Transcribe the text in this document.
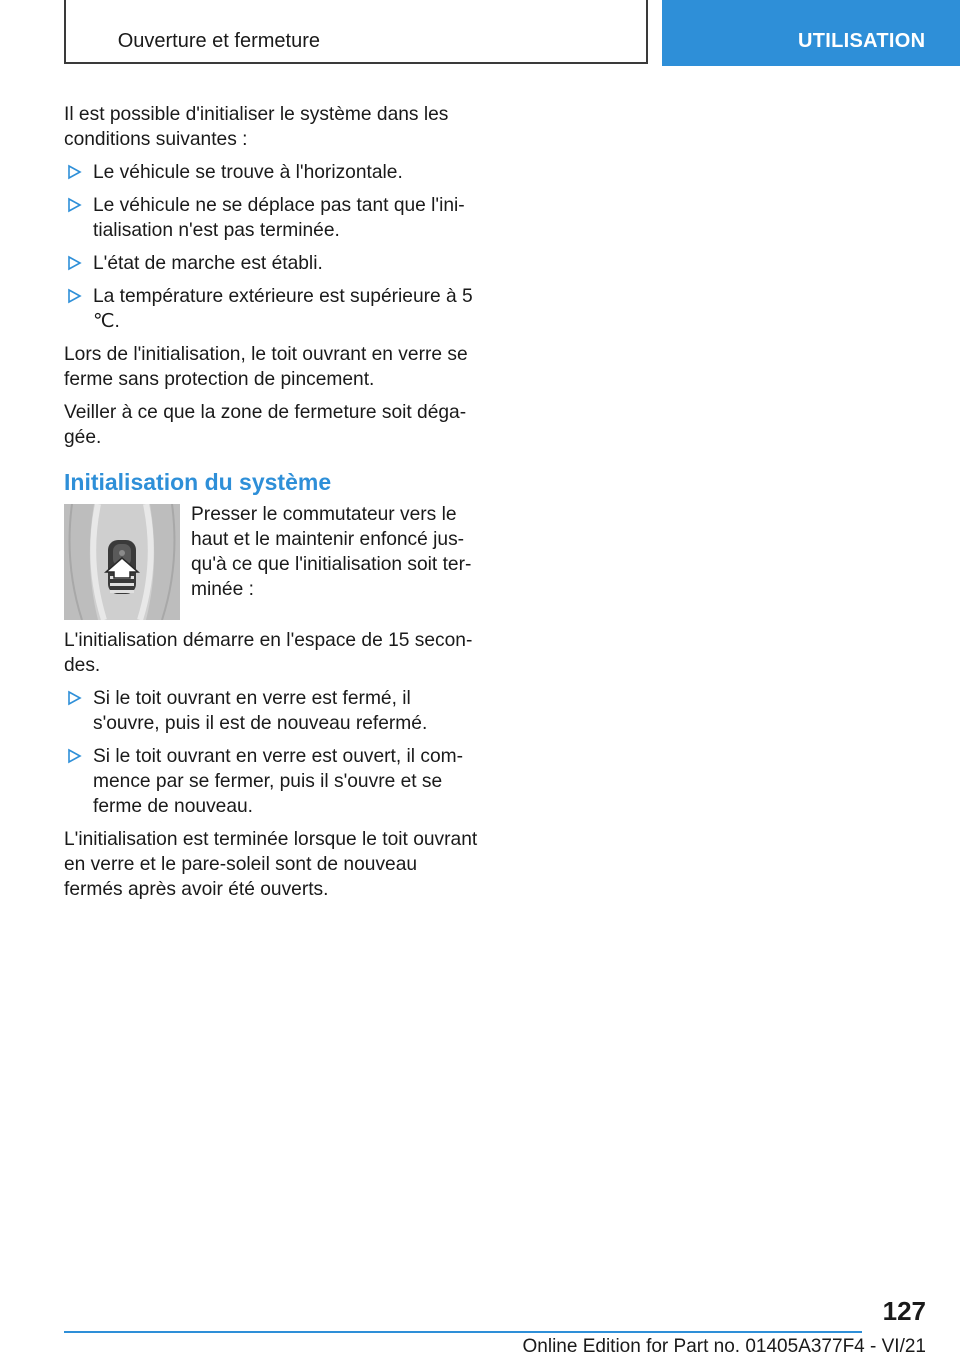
Ouverture et fermeture	UTILISATION

Il est possible d'initialiser le système dans les conditions suivantes :

Le véhicule se trouve à l'horizontale.
Le véhicule ne se déplace pas tant que l'ini-tialisation n'est pas terminée.
L'état de marche est établi.
La température extérieure est supérieure à 5 ℃.

Lors de l'initialisation, le toit ouvrant en verre se ferme sans protection de pincement.

Veiller à ce que la zone de fermeture soit déga-gée.

Initialisation du système
Presser le commutateur vers le haut et le maintenir enfoncé jus-qu'à ce que l'initialisation soit ter-minée :

L'initialisation démarre en l'espace de 15 secon-des.

Si le toit ouvrant en verre est fermé, il s'ouvre, puis il est de nouveau refermé.
Si le toit ouvrant en verre est ouvert, il com-mence par se fermer, puis il s'ouvre et se ferme de nouveau.

L'initialisation est terminée lorsque le toit ouvrant en verre et le pare-soleil sont de nouveau fermés après avoir été ouverts.

127
Online Edition for Part no. 01405A377F4 - VI/21
